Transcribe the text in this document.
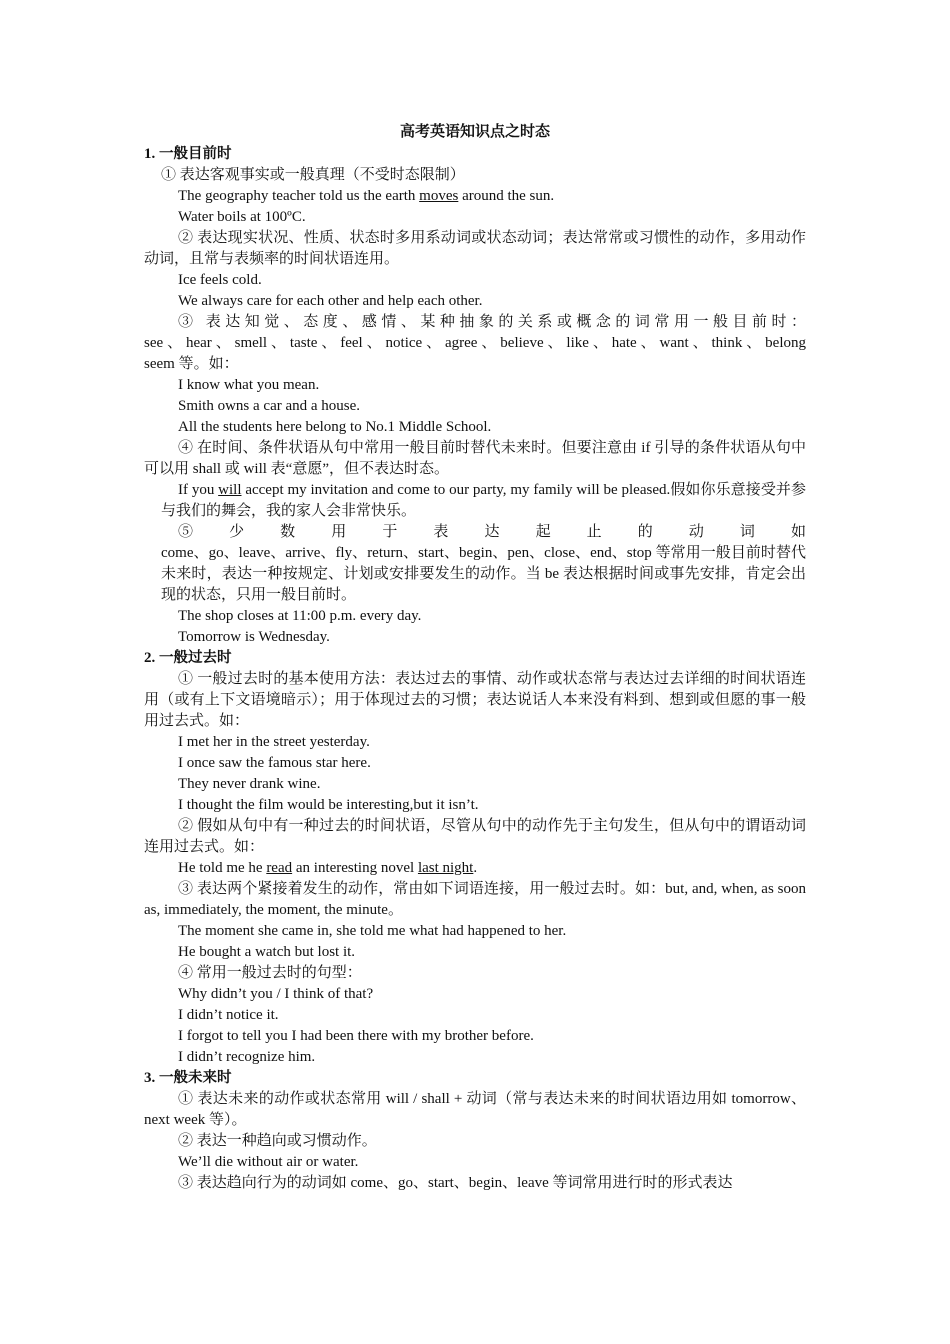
高考英语知识点之时态
1. 一般目前时

① 表达客观事实或一般真理（不受时态限制）

The geography teacher told us the earth moves around the sun.

Water boils at 100ºC.

② 表达现实状况、性质、状态时多用系动词或状态动词；表达常常或习惯性的动作，多用动作动词，且常与表频率的时间状语连用。

Ice feels cold.

We always care for each other and help each other.

③ 表达知觉、态度、感情、某种抽象的关系或概念的词常用一般目前时：

see、hear、smell、taste、feel、notice、agree、believe、like、hate、want、think、belong

seem 等。如：

I know what you mean.

Smith owns a car and a house.

All the students here belong to No.1 Middle School.

④ 在时间、条件状语从句中常用一般目前时替代未来时。但要注意由 if 引导的条件状语从句中可以用 shall 或 will 表“意愿”，但不表达时态。

If you will accept my invitation and come to our party, my family will be pleased.假如你乐意接受并参与我们的舞会，我的家人会非常快乐。

⑤　少　数　用　于　表　达　起　止　的　动　词　如

come、go、leave、arrive、fly、return、start、begin、pen、close、end、stop 等常用一般目前时替代未来时，表达一种按规定、计划或安排要发生的动作。当 be 表达根据时间或事先安排，肯定会出现的状态，只用一般目前时。

The shop closes at 11:00 p.m. every day.

Tomorrow is Wednesday.

2. 一般过去时

① 一般过去时的基本使用方法：表达过去的事情、动作或状态常与表达过去详细的时间状语连用（或有上下文语境暗示）；用于体现过去的习惯；表达说话人本来没有料到、想到或但愿的事一般用过去式。如：

I met her in the street yesterday.

I once saw the famous star here.

They never drank wine.

I thought the film would be interesting,but it isn’t.

② 假如从句中有一种过去的时间状语，尽管从句中的动作先于主句发生，但从句中的谓语动词连用过去式。如：

He told me he read an interesting novel last night.

③ 表达两个紧接着发生的动作，常由如下词语连接，用一般过去时。如：but, and, when, as soon as, immediately, the moment, the minute。

The moment she came in, she told me what had happened to her.

He bought a watch but lost it.

④ 常用一般过去时的句型：

Why didn’t you / I think of that?

I didn’t notice it.

I forgot to tell you I had been there with my brother before.

I didn’t recognize him.

3. 一般未来时

① 表达未来的动作或状态常用 will / shall + 动词（常与表达未来的时间状语边用如 tomorrow、next week 等）。

② 表达一种趋向或习惯动作。

We’ll die without air or water.

③ 表达趋向行为的动词如 come、go、start、begin、leave 等词常用进行时的形式表达
